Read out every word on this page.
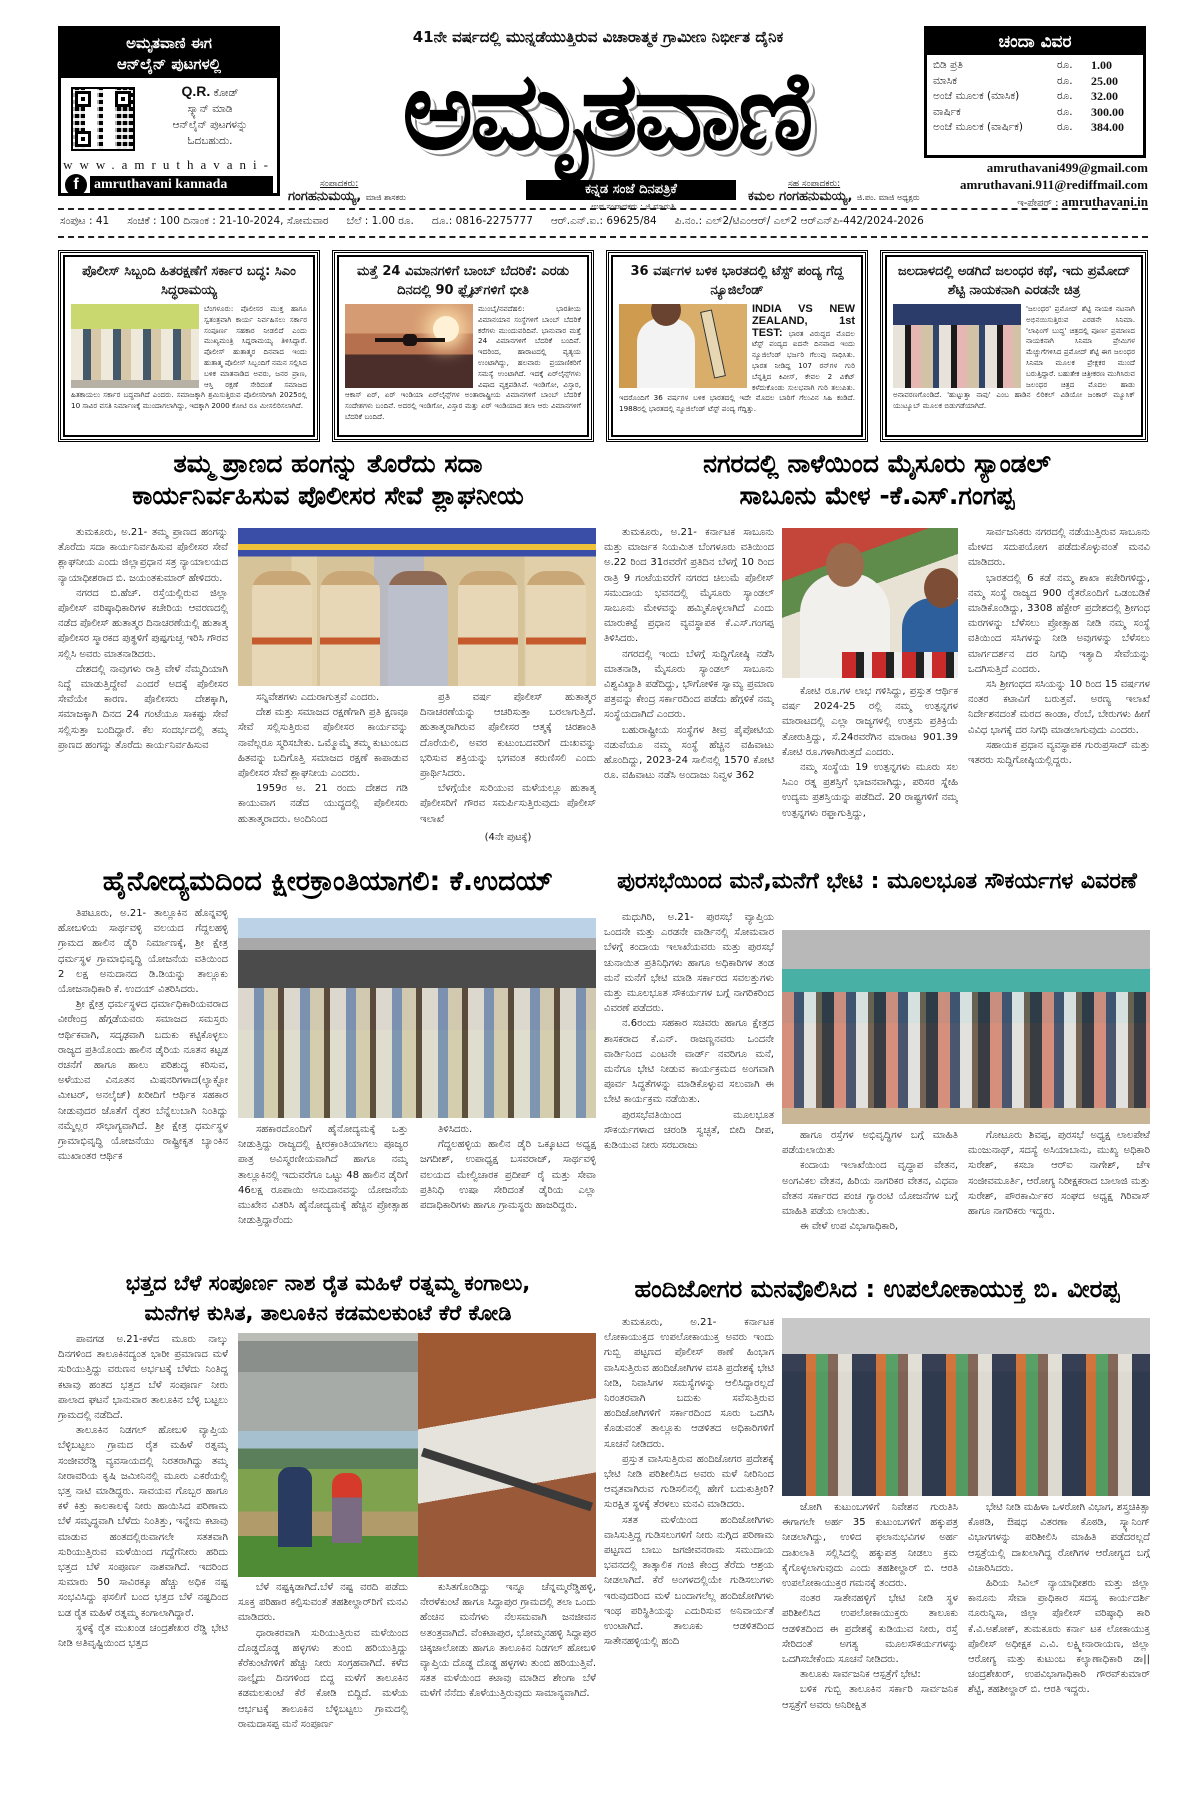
ಅಮೃತವಾಣಿ ಈಗ
ಆನ್‌ಲೈನ್ ಪುಟಗಳಲ್ಲಿ
Q.R. ಕೋಡ್
ಸ್ಕ್ಯಾನ್ ಮಾಡಿ
ಆನ್‌ಲೈನ್ ಪುಟಗಳನ್ನು
ಓದಬಹುದು.
www.amruthavani-
f	amruthavani kannada
41ನೇ ವರ್ಷದಲ್ಲಿ ಮುನ್ನಡೆಯುತ್ತಿರುವ ವಿಚಾರಾತ್ಮಕ ಗ್ರಾಮೀಣ ನಿರ್ಭೀತ ದೈನಿಕ
ಅಮೃತವಾಣಿ
ಸಂಪಾದಕರು:
ಗಂಗಹನುಮಯ್ಯ, ಮಾಜಿ ಶಾಸಕರು
ಕನ್ನಡ ಸಂಜೆ ದಿನಪತ್ರಿಕೆ
ಉಪ ಸಂಪಾದಕರು : ಜಿ.ಮಾರುತಿ
ಸಹ ಸಂಪಾದಕರು:
ಕಮಲ ಗಂಗಹನುಮಯ್ಯ, ಜಿ.ಪಂ. ಮಾಜಿ ಅಧ್ಯಕ್ಷರು
ಚಂದಾ ವಿವರ
ಬಿಡಿ ಪ್ರತಿ	ರೂ.	1.00
ಮಾಸಿಕ	ರೂ.	25.00
ಅಂಚೆ ಮೂಲಕ (ಮಾಸಿಕ)	ರೂ.	32.00
ವಾರ್ಷಿಕ	ರೂ.	300.00
ಅಂಚೆ ಮೂಲಕ (ವಾರ್ಷಿಕ)	ರೂ.	384.00
amruthavani499@gmail.com
amruthavani.911@rediffmail.com
ಇ-ಪೇಪರ್ : amruthavani.in
ಸಂಪುಟ : 41 ಸಂಚಿಕೆ : 100 ದಿನಾಂಕ : 21-10-2024, ಸೋಮವಾರ ಬೆಲೆ : 1.00 ರೂ. ದೂ.: 0816-2275777 ಆರ್.ಎನ್.ಐ.: 69625/84 ಪಿ.ನಂ.: ಎಲ್2/ಟಿಎಂಆರ್/ ಎಲ್2 ಆರ್‌ಎನ್‌ಪಿ-442/2024-2026
ಪೊಲೀಸ್ ಸಿಬ್ಬಂದಿ ಹಿತರಕ್ಷಣೆಗೆ ಸರ್ಕಾರ ಬದ್ಧ: ಸಿಎಂ ಸಿದ್ಧರಾಮಯ್ಯ

ಬೆಂಗಳೂರು: ಪೊಲೀಸರ ಮುಕ್ತ ಹಾಗೂ ಸ್ವತಂತ್ರವಾಗಿ ಕಾರ್ಯ ನಿರ್ವಹಿಸಲು ಸರ್ಕಾರ ಸಂಪೂರ್ಣ ಸಹಕಾರ ನೀಡಲಿದೆ ಎಂದು ಮುಖ್ಯಮಂತ್ರಿ ಸಿದ್ದರಾಮಯ್ಯ ತಿಳಿಸಿದ್ದಾರೆ. ಪೊಲೀಸ್ ಹುತಾತ್ಮರ ದಿನವಾದ ಇಂದು ಹುತಾತ್ಮ ಪೊಲೀಸ್ ಸಿಬ್ಬಂದಿಗೆ ನಮನ ಸಲ್ಲಿಸಿದ ಬಳಿಕ ಮಾತನಾಡಿದ ಅವರು, ಜನರ ಪ್ರಾಣ, ಆಸ್ತಿ ರಕ್ಷಣೆ ಸೇರಿದಂತೆ ಸಮಾಜದ ಹಿತಕಾಯಲು ಸರ್ಕಾರ ಬದ್ಧವಾಗಿದೆ ಎಂದರು. ಸಮಾಜಕ್ಕಾಗಿ ಶ್ರಮಿಸುತ್ತಿರುವ ಪೊಲೀಸರಿಗಾಗಿ 2025ರಲ್ಲಿ 10 ಸಾವಿರ ವಸತಿ ನಿರ್ಮಾಣಕ್ಕೆ ಮುಂದಾಗಲಾಗಿದ್ದು, ಇದಕ್ಕಾಗಿ 2000 ಕೋಟಿ ರೂ ಮೀಸಲಿರಿಸಲಾಗಿದೆ.

ಮತ್ತೆ 24 ವಿಮಾನಗಳಿಗೆ ಬಾಂಬ್ ಬೆದರಿಕೆ: ಎರಡು ದಿನದಲ್ಲಿ 90 ಫ್ಲೈಟ್‌ಗಳಿಗೆ ಭೀತಿ

ಮುಂಬೈ/ನವದೆಹಲಿ: ಭಾರತೀಯ ವಿಮಾನಯಾನ ಸಂಸ್ಥೆಗಳಿಗೆ ಬಾಂಬ್ ಬೆದರಿಕೆ ಕರೆಗಳು ಮುಂದುವರಿದಿವೆ. ಭಾನುವಾರ ಮತ್ತೆ 24 ವಿಮಾನಗಳಿಗೆ ಬೆದರಿಕೆ ಬಂದಿವೆ. ಇದರಿಂದ, ಹಾರಾಟದಲ್ಲಿ ವ್ಯತ್ಯಯ ಉಂಟಾಗಿದ್ದು, ಹಲವಾರು ಪ್ರಯಾಣಿಕರಿಗೆ ಸಮಸ್ಯೆ ಉಂಟಾಗಿದೆ. ಇದಕ್ಕೆ ಏರ್‌ಲೈನ್ಸ್‌ಗಳು ವಿಷಾದ ವ್ಯಕ್ತಪಡಿಸಿವೆ. ಇಂಡಿಗೋ, ವಿಸ್ತಾರ, ಆಕಾಸ್ ಏರ್, ಏರ್ ಇಂಡಿಯಾ ಏರ್‌ಲೈನ್ಸ್‌ಗಳ ಅಂತಾರಾಷ್ಟ್ರೀಯ ವಿಮಾನಗಳಿಗೆ ಬಾಂಬ್ ಬೆದರಿಕೆ ಸಂದೇಶಗಳು ಬಂದಿವೆ. ಅದರಲ್ಲಿ ಇಂಡಿಗೋ, ವಿಸ್ತಾರ ಮತ್ತು ಏರ್ ಇಂಡಿಯಾದ ತಲಾ ಆರು ವಿಮಾನಗಳಿಗೆ ಬೆದರಿಕೆ ಬಂದಿದೆ.

36 ವರ್ಷಗಳ ಬಳಿಕ ಭಾರತದಲ್ಲಿ ಟೆಸ್ಟ್ ಪಂದ್ಯ ಗೆದ್ದ ನ್ಯೂಜಿಲೆಂಡ್

INDIA VS NEW ZEALAND, 1st TEST: ಭಾರತ ವಿರುದ್ಧದ ಮೊದಲ ಟೆಸ್ಟ್ ಪಂದ್ಯದ ಐದನೇ ದಿನವಾದ ಇಂದು ನ್ಯೂಜಿಲೆಂಡ್ ಭರ್ಜರಿ ಗೆಲುವು ಸಾಧಿಸಿತು. ಭಾರತ ನೀಡಿದ್ದ 107 ರನ್‌ಗಳ ಗುರಿ ಬೆನ್ನತ್ತಿದ ಕಿವೀಸ್, ಕೇವಲ 2 ವಿಕೆಟ್ ಕಳೆದುಕೊಂಡು ಸುಲಭವಾಗಿ ಗುರಿ ತಲುಪಿತು. ಇದರೊಂದಿಗೆ 36 ವರ್ಷಗಳ ಬಳಿಕ ಭಾರತದಲ್ಲಿ ಇದೇ ಮೊದಲ ಬಾರಿಗೆ ಗೆಲುವಿನ ಸಿಹಿ ಕಂಡಿದೆ. 1988ರಲ್ಲಿ ಭಾರತದಲ್ಲಿ ನ್ಯೂಜಿಲೆಂಡ್ ಟೆಸ್ಟ್ ಪಂದ್ಯ ಗೆದ್ದಿತ್ತು.

ಜಲದಾಳದಲ್ಲಿ ಅಡಗಿದೆ ಜಲಂಧರ ಕಥೆ, ಇದು ಪ್ರಮೋದ್ ಶೆಟ್ಟಿ ನಾಯಕನಾಗಿ ಎರಡನೇ ಚಿತ್ರ

'ಜಲಂಧರ' ಪ್ರಮೋದ್ ಶೆಟ್ಟಿ ನಾಯಕ ನಟನಾಗಿ ಅಭಿನಯಿಸುತ್ತಿರುವ ಎರಡನೇ ಸಿನಿಮಾ. 'ಲಾಫಿಂಗ್ ಬುದ್ಧ' ಚಿತ್ರದಲ್ಲಿ ಪೂರ್ಣ ಪ್ರಮಾಣದ ನಾಯಕನಾಗಿ ಸಿನಿಮಾ ಪ್ರೇಮಿಗಳ ಮೆಚ್ಚುಗೆಗಳಿಸಿದ ಪ್ರಮೋದ್ ಶೆಟ್ಟಿ ಈಗ ಜಲಂಧರ ಸಿನಿಮಾ ಮೂಲಕ ಪ್ರೇಕ್ಷಕರ ಮುಂದೆ ಬರುತ್ತಿದ್ದಾರೆ. ಬಹುತೇಕ ಚಿತ್ರೀಕರಣ ಮುಗಿಸಿರುವ ಜಲಂಧರ ಚಿತ್ರದ ಮೊದಲ ಹಾಡು ಅನಾವರಣಗೊಂಡಿದೆ. 'ಹುಟ್ಟುತ್ತಾ ನಾವು' ಎಂಬ ಹಾಡಿನ ಲಿರಿಕಲ್ ವಿಡಿಯೋ ಜಂಕಾರ್ ಮ್ಯೂಸಿಕ್ ಯುಟ್ಯೂಬ್ ಮೂಲಕ ಬಿಡುಗಡೆಯಾಗಿದೆ.

ತಮ್ಮ ಪ್ರಾಣದ ಹಂಗನ್ನು ತೊರೆದು ಸದಾ
ಕಾರ್ಯನಿರ್ವಹಿಸುವ ಪೊಲೀಸರ ಸೇವೆ ಶ್ಲಾಘನೀಯ

ತುಮಕೂರು, ಅ.21- ತಮ್ಮ ಪ್ರಾಣದ ಹಂಗನ್ನು ತೊರೆದು ಸದಾ ಕಾರ್ಯನಿರ್ವಹಿಸುವ ಪೊಲೀಸರ ಸೇವೆ ಶ್ಲಾಘನೀಯ ಎಂದು ಜಿಲ್ಲಾಪ್ರಧಾನ ಸತ್ರ ನ್ಯಾಯಾಲಯದ ನ್ಯಾಯಾಧೀಶರಾದ ಬಿ. ಜಯಂತಕುಮಾರ್ ಹೇಳಿದರು.

ನಗರದ ಬಿ.ಹೆಚ್. ರಸ್ತೆಯಲ್ಲಿರುವ ಜಿಲ್ಲಾ ಪೊಲೀಸ್ ವರಿಷ್ಠಾಧಿಕಾರಿಗಳ ಕಚೇರಿಯ ಆವರಣದಲ್ಲಿ ನಡೆದ ಪೊಲೀಸ್ ಹುತಾತ್ಮರ ದಿನಾಚರಣೆಯಲ್ಲಿ ಹುತಾತ್ಮ ಪೊಲೀಸರ ಸ್ಮಾರಕದ ಪುತ್ಥಳಿಗೆ ಪುಷ್ಪಗುಚ್ಛ ಇರಿಸಿ ಗೌರವ ಸಲ್ಲಿಸಿ ಅವರು ಮಾತನಾಡಿದರು.

ದೇಶದಲ್ಲಿ ನಾವುಗಳು ರಾತ್ರಿ ವೇಳೆ ನೆಮ್ಮದಿಯಾಗಿ ನಿದ್ದೆ ಮಾಡುತ್ತಿದ್ದೇವೆ ಎಂದರೆ ಅದಕ್ಕೆ ಪೊಲೀಸರ ಸೇವೆಯೇ ಕಾರಣ. ಪೊಲೀಸರು ದೇಶಕ್ಕಾಗಿ, ಸಮಾಜಕ್ಕಾಗಿ ದಿನದ 24 ಗಂಟೆಯೂ ಸಾಕಷ್ಟು ಸೇವೆ ಸಲ್ಲಿಸುತ್ತಾ ಬಂದಿದ್ದಾರೆ. ಕೆಲ ಸಂದರ್ಭದಲ್ಲಿ ತಮ್ಮ ಪ್ರಾಣದ ಹಂಗನ್ನು ತೊರೆದು ಕಾರ್ಯನಿರ್ವಹಿಸುವ

ಸನ್ನಿವೇಶಗಳು ಎದುರಾಗುತ್ತವೆ ಎಂದರು.

ದೇಶ ಮತ್ತು ಸಮಾಜದ ರಕ್ಷಣೆಗಾಗಿ ಪ್ರತಿ ಕ್ಷಣವೂ ಸೇವೆ ಸಲ್ಲಿಸುತ್ತಿರುವ ಪೊಲೀಸರ ಕಾರ್ಯವನ್ನು ನಾವೆಲ್ಲರೂ ಸ್ಮರಿಸಬೇಕು. ಒಮ್ಮೊಮ್ಮೆ ತಮ್ಮ ಕುಟುಂಬದ ಹಿತವನ್ನು ಬದಿಗೊತ್ತಿ ಸಮಾಜದ ರಕ್ಷಣೆ ಕಾಪಾಡುವ ಪೊಲೀಸರ ಸೇವೆ ಶ್ಲಾಘನೀಯ ಎಂದರು.

1959ರ ಅ. 21 ರಂದು ದೇಶದ ಗಡಿ ಕಾಯುವಾಗ ನಡೆದ ಯುದ್ಧದಲ್ಲಿ ಪೊಲೀಸರು ಹುತಾತ್ಮರಾದರು. ಅಂದಿನಿಂದ

ಪ್ರತಿ ವರ್ಷ ಪೊಲೀಸ್ ಹುತಾತ್ಮರ ದಿನಾಚರಣೆಯನ್ನು ಆಚರಿಸುತ್ತಾ ಬರಲಾಗುತ್ತಿದೆ. ಹುತಾತ್ಮರಾಗಿರುವ ಪೊಲೀಸರ ಆತ್ಮಕ್ಕೆ ಚಿರಶಾಂತಿ ದೊರೆಯಲಿ, ಅವರ ಕುಟುಂಬದವರಿಗೆ ದುಃಖವನ್ನು ಭರಿಸುವ ಶಕ್ತಿಯನ್ನು ಭಗವಂತ ಕರುಣಿಸಲಿ ಎಂದು ಪ್ರಾರ್ಥಿಸಿದರು.

ಬೆಳಗ್ಗೆಯೇ ಸುರಿಯುವ ಮಳೆಯಲ್ಲೂ ಹುತಾತ್ಮ ಪೊಲೀಸರಿಗೆ ಗೌರವ ಸಮರ್ಪಿಸುತ್ತಿರುವುದು ಪೊಲೀಸ್ ಇಲಾಖೆ

(4ನೇ ಪುಟಕ್ಕೆ)
ನಗರದಲ್ಲಿ ನಾಳೆಯಿಂದ ಮೈಸೂರು ಸ್ಯಾಂಡಲ್
ಸಾಬೂನು ಮೇಳ -ಕೆ.ಎಸ್.ಗಂಗಪ್ಪ

ತುಮಕೂರು, ಅ.21- ಕರ್ನಾಟಕ ಸಾಬೂನು ಮತ್ತು ಮಾರ್ಜಕ ನಿಯಮಿತ ಬೆಂಗಳೂರು ವತಿಯಿಂದ ಅ.22 ರಿಂದ 31ರವರೆಗೆ ಪ್ರತಿದಿನ ಬೆಳಗ್ಗೆ 10 ರಿಂದ ರಾತ್ರಿ 9 ಗಂಟೆಯವರೆಗೆ ನಗರದ ಚಿಲುಮೆ ಪೊಲೀಸ್ ಸಮುದಾಯ ಭವನದಲ್ಲಿ ಮೈಸೂರು ಸ್ಯಾಂಡಲ್ ಸಾಬೂನು ಮೇಳವನ್ನು ಹಮ್ಮಿಕೊಳ್ಳಲಾಗಿದೆ ಎಂದು ಮಾರುಕಟ್ಟೆ ಪ್ರಧಾನ ವ್ಯವಸ್ಥಾಪಕ ಕೆ.ಎಸ್.ಗಂಗಪ್ಪ ತಿಳಿಸಿದರು.

ನಗರದಲ್ಲಿ ಇಂದು ಬೆಳಗ್ಗೆ ಸುದ್ದಿಗೋಷ್ಠಿ ನಡೆಸಿ ಮಾತನಾಡಿ, ಮೈಸೂರು ಸ್ಯಾಂಡಲ್ ಸಾಬೂನು ವಿಶ್ವವಿಖ್ಯಾತಿ ಪಡೆದಿದ್ದು, ಭೌಗೋಳಿಕ ಸ್ವಾಮ್ಯ ಪ್ರಮಾಣ ಪತ್ರವನ್ನು ಕೇಂದ್ರ ಸರ್ಕಾರದಿಂದ ಪಡೆದು ಹೆಗ್ಗಳಿಕೆ ನಮ್ಮ ಸಂಸ್ಥೆಯದಾಗಿದೆ ಎಂದರು.

ಬಹುರಾಷ್ಟ್ರೀಯ ಸಂಸ್ಥೆಗಳ ತೀವ್ರ ಪೈಪೋಟಿಯ ನಡುವೆಯೂ ನಮ್ಮ ಸಂಸ್ಥೆ ಹೆಚ್ಚಿನ ವಹಿವಾಟು ಹೊಂದಿದ್ದು, 2023-24 ಸಾಲಿನಲ್ಲಿ 1570 ಕೋಟಿ ರೂ. ವಹಿವಾಟು ನಡೆಸಿ ಅಂದಾಜು ನಿವ್ವಳ 362

ಕೋಟಿ ರೂ.ಗಳ ಲಾಭ ಗಳಿಸಿದ್ದು, ಪ್ರಸ್ತುತ ಆರ್ಥಿಕ ವರ್ಷ 2024-25 ರಲ್ಲಿ ನಮ್ಮ ಉತ್ಪನ್ನಗಳ ಮಾರಾಟದಲ್ಲಿ ಎಲ್ಲಾ ರಾಜ್ಯಗಳಲ್ಲಿ ಉತ್ತಮ ಪ್ರತಿಕ್ರಿಯೆ ತೋರುತ್ತಿದ್ದು, ಸೆ.24ರವರೆಗಿನ ಮಾರಾಟ 901.39 ಕೋಟಿ ರೂ.ಗಳಾಗಿರುತ್ತದೆ ಎಂದರು.

ನಮ್ಮ ಸಂಸ್ಥೆಯ 19 ಉತ್ಪನ್ನಗಳು ಮೂರು ಸಲ ಸಿಎಂ ರತ್ನ ಪ್ರಶಸ್ತಿಗೆ ಭಾಜನವಾಗಿದ್ದು, ಪರಿಸರ ಸ್ನೇಹಿ ಉದ್ಯಮ ಪ್ರಶಸ್ತಿಯನ್ನು ಪಡೆದಿದೆ. 20 ರಾಷ್ಟ್ರಗಳಿಗೆ ನಮ್ಮ ಉತ್ಪನ್ನಗಳು ರಫ್ತಾಗುತ್ತಿದ್ದು,

ಸಾರ್ವಜನಿಕರು ನಗರದಲ್ಲಿ ನಡೆಯುತ್ತಿರುವ ಸಾಬೂನು ಮೇಳದ ಸದುಪಯೋಗ ಪಡೆದುಕೊಳ್ಳುವಂತೆ ಮನವಿ ಮಾಡಿದರು.

ಭಾರತದಲ್ಲಿ 6 ಕಡೆ ನಮ್ಮ ಶಾಖಾ ಕಚೇರಿಗಳಿದ್ದು, ನಮ್ಮ ಸಂಸ್ಥೆ ರಾಜ್ಯದ 900 ರೈತರೊಂದಿಗೆ ಒಡಂಬಡಿಕೆ ಮಾಡಿಕೊಂಡಿದ್ದು, 3308 ಹೆಕ್ಟೇರ್ ಪ್ರದೇಶದಲ್ಲಿ ಶ್ರೀಗಂಧ ಮರಗಳನ್ನು ಬೆಳೆಸಲು ಪ್ರೋತ್ಸಾಹ ನೀಡಿ ನಮ್ಮ ಸಂಸ್ಥೆ ವತಿಯಿಂದ ಸಸಿಗಳನ್ನು ನೀಡಿ ಅವುಗಳನ್ನು ಬೆಳೆಸಲು ಮಾರ್ಗದರ್ಶನ ದರ ನಿಗಧಿ ಇತ್ಯಾದಿ ಸೇವೆಯನ್ನು ಒದಗಿಸುತ್ತಿದೆ ಎಂದರು.

ಸಸಿ ಶ್ರೀಗಂಧದ ಸಸಿಯನ್ನು 10 ರಿಂದ 15 ವರ್ಷಗಳ ನಂತರ ಕಟಾವಿಗೆ ಬರುತ್ತವೆ. ಅರಣ್ಯ ಇಲಾಖೆ ನಿರ್ದೇಶನದಂತೆ ಮರದ ಕಾಂಡಾ, ರೆಂಬೆ, ಬೇರುಗಳು ಹೀಗೆ ವಿವಿಧ ಭಾಗಕ್ಕೆ ದರ ನಿಗಧಿ ಮಾಡಲಾಗುವುದು ಎಂದರು.

ಸಹಾಯಕ ಪ್ರಧಾನ ವ್ಯವಸ್ಥಾಪಕ ಗುರುಪ್ರಸಾದ್ ಮತ್ತು ಇತರರು ಸುದ್ದಿಗೋಷ್ಠಿಯಲ್ಲಿದ್ದರು.

ಹೈನೋದ್ಯಮದಿಂದ ಕ್ಷೀರಕ್ರಾಂತಿಯಾಗಲಿ: ಕೆ.ಉದಯ್

ತಿಪಟೂರು, ಅ.21- ತಾಲ್ಲೂಕಿನ ಹೊನ್ನವಳ್ಳಿ ಹೋಬಳಿಯ ಸಾರ್ಥವಳ್ಳಿ ವಲಯದ ಗೆದ್ದಲಹಳ್ಳಿ ಗ್ರಾಮದ ಹಾಲಿನ ಡೈರಿ ನಿರ್ಮಾಣಕ್ಕೆ, ಶ್ರೀ ಕ್ಷೇತ್ರ ಧರ್ಮಸ್ಥಳ ಗ್ರಾಮಾಭಿವೃದ್ಧಿ ಯೋಜನೆಯ ವತಿಯಿಂದ 2 ಲಕ್ಷ ಅನುದಾನದ ಡಿ.ಡಿಯನ್ನು ತಾಲ್ಲೂಕು ಯೋಜನಾಧಿಕಾರಿ ಕೆ. ಉದಯ್ ವಿತರಿಸಿದರು.

ಶ್ರೀ ಕ್ಷೇತ್ರ ಧರ್ಮಸ್ಥಳದ ಧರ್ಮಾಧಿಕಾರಿಯವರಾದ ವೀರೇಂದ್ರ ಹೆಗ್ಗಡೆಯವರು ಸಮಾಜದ ಸಮಸ್ತರು ಆರ್ಥಿಕವಾಗಿ, ಸದೃಢವಾಗಿ ಬದುಕು ಕಟ್ಟಿಕೊಳ್ಳಲು ರಾಜ್ಯದ ಪ್ರತಿಯೊಂದು ಹಾಲಿನ ಡೈರಿಯ ನೂತನ ಕಟ್ಟಡ ರಚನೆಗೆ ಹಾಗೂ ಹಾಲು ಪರಿಶುದ್ಧ ಕರಿಸುವ, ಅಳೆಯುವ ವಿನೂತನ ಮಿಷನರಿಗಳಾದ(ಲ್ಯಾಕ್ಟೋ ಮೀಟರ್, ಅನಲೈಜ್) ಖರೀದಿಗೆ ಆರ್ಥಿಕ ಸಹಕಾರ ನೀಡುವುದರ ಜೊತೆಗೆ ರೈತರ ಬೆನ್ನೆಲುಬಾಗಿ ನಿಂತಿದ್ದು ನಮ್ಮೆಲ್ಲರ ಸೌಭಾಗ್ಯವಾಗಿದೆ. ಶ್ರೀ ಕ್ಷೇತ್ರ ಧರ್ಮಸ್ಥಳ ಗ್ರಾಮಾಭಿವೃದ್ಧಿ ಯೋಜನೆಯು ರಾಷ್ಟ್ರೀಕೃತ ಬ್ಯಾಂಕಿನ ಮುಖಾಂತರ ಆರ್ಥಿಕ

ಸಹಕಾರದೊಂದಿಗೆ ಹೈನೋದ್ಯಮಕ್ಕೆ ಒತ್ತು ನೀಡುತ್ತಿದ್ದು ರಾಜ್ಯದಲ್ಲಿ ಕ್ಷೀರಕ್ರಾಂತಿಯಾಗಲು ಪೂಜ್ಯರ ಪಾತ್ರ ಅವಿಸ್ಮರಣೀಯವಾಗಿದೆ ಹಾಗೂ ನಮ್ಮ ತಾಲ್ಲೂಕಿನಲ್ಲಿ ಇದುವರೆಗೂ ಒಟ್ಟು 48 ಹಾಲಿನ ಡೈರಿಗೆ 46ಲಕ್ಷ ರೂಪಾಯಿ ಅನುದಾನವನ್ನು ಯೋಜನೆಯ ಮುಖೇನ ವಿತರಿಸಿ ಹೈನೋದ್ಯಮಕ್ಕೆ ಹೆಚ್ಚಿನ ಪ್ರೋತ್ಸಾಹ ನೀಡುತ್ತಿದ್ದಾರೆಂದು

ತಿಳಿಸಿದರು.

ಗೆದ್ದಲಹಳ್ಳಿಯ ಹಾಲಿನ ಡೈರಿ ಒಕ್ಕೂಟದ ಅಧ್ಯಕ್ಷ ಜಗದೀಶ್, ಉಪಾಧ್ಯಕ್ಷ ಬಸವರಾಜ್, ಸಾರ್ಥವಳ್ಳಿ ವಲಯದ ಮೇಲ್ವಿಚಾರಕ ಪ್ರದೀಪ್ ರೈ ಮತ್ತು ಸೇವಾ ಪ್ರತಿನಿಧಿ ಉಷಾ ಸೇರಿದಂತೆ ಡೈರಿಯ ಎಲ್ಲಾ ಪದಾಧಿಕಾರಿಗಳು ಹಾಗೂ ಗ್ರಾಮಸ್ಥರು ಹಾಜರಿದ್ದರು.

ಪುರಸಭೆಯಿಂದ ಮನೆ,ಮನೆಗೆ ಭೇಟಿ : ಮೂಲಭೂತ ಸೌಕರ್ಯಗಳ ವಿವರಣೆ

ಮಧುಗಿರಿ, ಅ.21- ಪುರಸಭೆ ವ್ಯಾಪ್ತಿಯ ಒಂದನೇ ಮತ್ತು ಎರಡನೇ ವಾರ್ಡಿನಲ್ಲಿ ಸೋಮವಾರ ಬೆಳಗ್ಗೆ ಕಂದಾಯ ಇಲಾಖೆಯವರು ಮತ್ತು ಪುರಸಭೆ ಚುನಾಯಿತ ಪ್ರತಿನಿಧಿಗಳು ಹಾಗೂ ಅಧಿಕಾರಿಗಳ ತಂಡ ಮನೆ ಮನೆಗೆ ಭೇಟಿ ಮಾಡಿ ಸರ್ಕಾರದ ಸವಲತ್ತುಗಳು ಮತ್ತು ಮೂಲಭೂತ ಸೌಕರ್ಯಗಳ ಬಗ್ಗೆ ನಾಗರಿಕರಿಂದ ವಿವರಣೆ ಪಡೆದರು.

ನ.6ರಂದು ಸಹಕಾರ ಸಚಿವರು ಹಾಗೂ ಕ್ಷೇತ್ರದ ಶಾಸಕರಾದ ಕೆ.ಎನ್. ರಾಜಣ್ಣನವರು ಒಂದನೇ ವಾರ್ಡಿನಿಂದ ಎಂಟನೇ ವಾರ್ಡ್ ನವರಿಗೂ ಮನೆ, ಮನೆಗೂ ಭೇಟಿ ನೀಡುವ ಕಾರ್ಯಕ್ರಮದ ಅಂಗವಾಗಿ ಪೂರ್ವ ಸಿದ್ಧತೆಗಳನ್ನು ಮಾಡಿಕೊಳ್ಳುವ ಸಲುವಾಗಿ ಈ ಬೇಟಿ ಕಾರ್ಯಕ್ರಮ ನಡೆಯಿತು.

ಪುರಸಭೆವತಿಯಿಂದ ಮೂಲಭೂತ ಸೌಕರ್ಯಗಳಾದ ಚರಂಡಿ ಸ್ವಚ್ಛತೆ, ಬೀದಿ ದೀಪ, ಕುಡಿಯುವ ನೀರು ಸರಬರಾಜು

ಹಾಗೂ ರಸ್ತೆಗಳ ಅಭಿವೃದ್ಧಿಗಳ ಬಗ್ಗೆ ಮಾಹಿತಿ ಪಡೆಯಲಾಯಿತು

ಕಂದಾಯ ಇಲಾಖೆಯಿಂದ ವೃದ್ಧಾಪ ವೇತನ, ಅಂಗವಿಕಲ ವೇತನ, ಹಿರಿಯ ನಾಗರಿಕರ ವೇತನ, ವಿಧವಾ ವೇತನ ಸರ್ಕಾರದ ಪಂಚ ಗ್ಯಾರಂಟಿ ಯೋಜನೆಗಳ ಬಗ್ಗೆ ಮಾಹಿತಿ ಪಡೆಯ ಲಾಯಿತು.

ಈ ವೇಳೆ ಉಪ ವಿಭಾಗಾಧಿಕಾರಿ,

ಗೋಟೂರು ಶಿವಪ್ಪ, ಪುರಸಭೆ ಅಧ್ಯಕ್ಷ ಲಾಲಪೇಟೆ ಮಂಜುನಾಥ್, ಸದಸ್ಯೆ ಅಸಿಯಾಬಾನು, ಮುಖ್ಯ ಅಧಿಕಾರಿ ಸುರೇಶ್, ಕಸಬಾ ಆರ್‌ಐ ನಾಗೇಶ್, ಜೆಇ ಸಂಜೀವಮೂರ್ತಿ, ಆರೋಗ್ಯ ನಿರೀಕ್ಷಕರಾದ ಬಾಲಾಜಿ ಮತ್ತು ಸುರೇಶ್, ಪೌರಕಾರ್ಮಿಕರ ಸಂಘದ ಅಧ್ಯಕ್ಷ ಗಿರಿವಾಸ್ ಹಾಗೂ ನಾಗರಿಕರು ಇದ್ದರು.

ಭತ್ತದ ಬೆಳೆ ಸಂಪೂರ್ಣ ನಾಶ ರೈತ ಮಹಿಳೆ ರತ್ನಮ್ಮ ಕಂಗಾಲು,
ಮನೆಗಳ ಕುಸಿತ, ತಾಲೂಕಿನ ಕಡಮಲಕುಂಟೆ ಕೆರೆ ಕೋಡಿ

ಪಾವಗಡ ಅ.21-ಕಳೆದ ಮೂರು ನಾಲ್ಕು ದಿನಗಳಿಂದ ತಾಲೂಕಿನದ್ಯಂತ ಭಾರೀ ಪ್ರಮಾಣದ ಮಳೆ ಸುರಿಯುತ್ತಿದ್ದು ವರುಣನ ಅರ್ಭಟಕ್ಕೆ ಬೆಳೆದು ನಿಂತಿದ್ದ ಕಟಾವು ಹಂತದ ಭತ್ತದ ಬೆಳೆ ಸಂಪೂರ್ಣ ನೀರು ಪಾಲಾದ ಘಟನೆ ಭಾನುವಾರ ತಾಲೂಕಿನ ಬೆಳ್ಳಿ ಬಟ್ಟಲು ಗ್ರಾಮದಲ್ಲಿ ನಡೆದಿದೆ.

ತಾಲೂಕಿನ ನಿಡಗಲ್ ಹೋಬಳಿ ವ್ಯಾಪ್ತಿಯ ಬೆಳ್ಳಿಬಟ್ಟಲು ಗ್ರಾಮದ ರೈತ ಮಹಿಳೆ ರತ್ನಮ್ಮ ಸಂಜೀವರೆಡ್ಡಿ ವ್ಯವಸಾಯದಲ್ಲಿ ನಿರತರಾಗಿದ್ದು ತಮ್ಮ ನೀರಾವರಿಯ ಕೃಷಿ ಜಮೀನಿನಲ್ಲಿ ಮೂರು ಎಕರೆಯಲ್ಲಿ ಭತ್ತ ನಾಟಿ ಮಾಡಿದ್ದರು. ಸಾವಯವ ಗೊಬ್ಬರ ಹಾಗೂ ಕಳೆ ಕಿತ್ತು ಕಾಲಕಾಲಕ್ಕೆ ನೀರು ಹಾಯಿಸಿದ ಪರಿಣಾಮ ಬೆಳೆ ಸಮೃದ್ಧವಾಗಿ ಬೆಳೆದು ನಿಂತಿತ್ತು, ಇನ್ನೇನು ಕಟಾವು ಮಾಡುವ ಹಂತದಲ್ಲಿರುವಾಗಲೇ ಸತತವಾಗಿ ಸುರಿಯುತ್ತಿರುವ ಮಳೆಯಿಂದ ಗದ್ದೆಗೆನೀರು ಹರಿದು ಭತ್ತದ ಬೆಳೆ ಸಂಪೂರ್ಣ ನಾಶವಾಗಿದೆ. ಇದರಿಂದ ಸುಮಾರು 50 ಸಾವಿರಕ್ಕೂ ಹೆಚ್ಚು ಅಧಿಕ ನಷ್ಟ ಸಂಭವಿಸಿದ್ದು ಫಸಲಿಗೆ ಬಂದ ಭತ್ತದ ಬೆಳೆ ನಷ್ಟದಿಂದ ಬಡ ರೈತ ಮಹಿಳೆ ರತ್ನಮ್ಮ ಕಂಗಾಲಾಗಿದ್ದಾರೆ.

ಸ್ಥಳಕ್ಕೆ ರೈತ ಮುಖಂಡ ಚಂದ್ರಶೇಖರ ರೆಡ್ಡಿ ಭೇಟಿ ನೀಡಿ ಅತಿವೃಷ್ಟಿಯಿಂದ ಭತ್ತದ

ಬೆಳೆ ನಷ್ಟಕ್ಕಿಡಾಗಿದೆ.ಬೆಳೆ ನಷ್ಟ ವರದಿ ಪಡೆದು ಸೂಕ್ತ ಪರಿಹಾರ ಕಲ್ಪಿಸುವಂತೆ ತಹಶೀಲ್ದಾರ್‌ರಿಗೆ ಮನವಿ ಮಾಡಿದರು.

ಧಾರಾಕರವಾಗಿ ಸುರಿಯುತ್ತಿರುವ ಮಳೆಯಿಂದ ದೊಡ್ಡದೊಡ್ಡ ಹಳ್ಳಗಳು ತುಂಬಿ ಹರಿಯುತ್ತಿದ್ದು ಕೆರೆಕುಂಟೆಗಳಿಗೆ ಹೆಚ್ಚು ನೀರು ಸಂಗ್ರಹವಾಗಿದೆ. ಕಳೆದ ನಾಲ್ಕೈದು ದಿನಗಳಿಂದ ಬಿದ್ದ ಮಳೆಗೆ ತಾಲೂಕಿನ ಕಡಮಲಕುಂಟೆ ಕೆರೆ ಕೋಡಿ ಬಿದ್ದಿದೆ. ಮಳೆಯ ಆರ್ಭಟಕ್ಕೆ ತಾಲೂಕಿನ ಬೆಳ್ಳಿಬಟ್ಟಲು ಗ್ರಾಮದಲ್ಲಿ ರಾಮದಾಸಪ್ಪ ಮನೆ ಸಂಪೂರ್ಣ

ಕುಸಿತಗೊಂಡಿದ್ದು ಇನ್ನೂ ಚೆನ್ನಮ್ಮರೆಡ್ಡಿಹಳ್ಳಿ, ನೇರಳೆಕುಂಟೆ ಹಾಗೂ ಸಿದ್ದಾಪುರ ಗ್ರಾಮದಲ್ಲಿ ತಲಾ ಒಂದು ಹೆಂಚಿನ ಮನೆಗಳು ನೆಲಸಮವಾಗಿ ಜನಜೀವನ ಅತಂತ್ರವಾಗಿದೆ. ವೆಂಕಟಾಪುರ, ಭೋಮ್ಮನಹಳ್ಳಿ ಸಿದ್ದಾಪುರ ಚಿಕ್ಕಜಾಲೋಡು ಹಾಗೂ ತಾಲೂಕಿನ ನಿಡಗಲ್ ಹೋಬಳಿ ವ್ಯಾಪ್ತಿಯ ದೊಡ್ಡ ದೊಡ್ಡ ಹಳ್ಳಗಳು ತುಂಬಿ ಹರಿಯುತ್ತಿವೆ. ಸತತ ಮಳೆಯಿಂದ ಕಟಾವು ಮಾಡಿದ ಶೇಂಗಾ ಬೆಳೆ ಮಳೆಗೆ ನೆನೆದು ಕೊಳೆಯುತ್ತಿರುವುದು ಸಾಮಾನ್ಯವಾಗಿದೆ.

ಹಂದಿಜೋಗರ ಮನವೊಲಿಸಿದ : ಉಪಲೋಕಾಯುಕ್ತ ಬಿ. ವೀರಪ್ಪ

ತುಮಕೂರು, ಅ.21- ಕರ್ನಾಟಕ ಲೋಕಾಯುಕ್ತದ ಉಪಲೋಕಾಯುಕ್ತ ಅವರು ಇಂದು ಗುಬ್ಬಿ ಪಟ್ಟಣದ ಪೊಲೀಸ್ ಠಾಣೆ ಹಿಂಭಾಗ ವಾಸಿಸುತ್ತಿರುವ ಹಂದಿಜೋಗಿಗಳ ವಸತಿ ಪ್ರದೇಶಕ್ಕೆ ಭೇಟಿ ನೀಡಿ, ನಿವಾಸಿಗಳ ಸಮಸ್ಯೆಗಳನ್ನು ಆಲಿಸಿದ್ದಾರಲ್ಲದೆ ನಿರಂತರವಾಗಿ ಬದುಕು ಸವೆಸುತ್ತಿರುವ ಹಂದಿಜೋಗಿಗಳಿಗೆ ಸರ್ಕಾರದಿಂದ ಸೂರು ಒದಗಿಸಿ ಕೊಡುವಂತೆ ತಾಲ್ಲೂಕು ಆಡಳಿತದ ಅಧಿಕಾರಿಗಳಿಗೆ ಸೂಚನೆ ನೀಡಿದರು.

ಪ್ರಸ್ತುತ ವಾಸಿಸುತ್ತಿರುವ ಹಂದಿಜೋಗರ ಪ್ರದೇಶಕ್ಕೆ ಭೇಟಿ ನೀಡಿ ಪರಿಶೀಲಿಸಿದ ಅವರು ಮಳೆ ನೀರಿನಿಂದ ಆವೃತವಾಗಿರುವ ಗುಡಿಸಲಿನಲ್ಲಿ ಹೇಗೆ ಬದುಕುತ್ತೀರಿ? ಸುರಕ್ಷಿತ ಸ್ಥಳಕ್ಕೆ ತೆರಳಲು ಮನವಿ ಮಾಡಿದರು.

ಸತತ ಮಳೆಯಿಂದ ಹಂದಿಜೋಗಿಗಳು ವಾಸಿಸುತ್ತಿದ್ದ ಗುಡಿಸಲುಗಳಿಗೆ ನೀರು ನುಗ್ಗಿದ ಪರಿಣಾಮ ಪಟ್ಟಣದ ಬಾಬು ಜಗಜೀವನರಾಮ ಸಮುದಾಯ ಭವನದಲ್ಲಿ ತಾತ್ಕಾಲಿಕ ಗಂಜಿ ಕೇಂದ್ರ ತೆರೆದು ಆಶ್ರಯ ನೀಡಲಾಗಿದೆ. ಕೆರೆ ಅಂಗಳದಲ್ಲಿಯೇ ಗುಡಿಸಲುಗಳು ಇರುವುದರಿಂದ ಮಳೆ ಬಂದಾಗಲೆಲ್ಲ ಹಂದಿಜೋಗಿಗಳು ಇಂಥ ಪರಿಸ್ಥಿತಿಯನ್ನು ಎದುರಿಸುವ ಅನಿವಾರ್ಯತೆ ಉಂಟಾಗಿದೆ. ತಾಲೂಕು ಆಡಳಿತದಿಂದ ಸಾತೇನಹಳ್ಳಿಯಲ್ಲಿ ಹಂದಿ

ಜೋಗಿ ಕುಟುಂಬಗಳಿಗೆ ನಿವೇಶನ ಗುರುತಿಸಿ ಈಗಾಗಲೇ ಅರ್ಹ 35 ಕುಟುಂಬಗಳಿಗೆ ಹಕ್ಕುಪತ್ರ ನೀಡಲಾಗಿದ್ದು, ಉಳಿದ ಫಲಾನುಭವಿಗಳ ಅರ್ಹ ದಾಖಲಾತಿ ಸಲ್ಲಿಸಿದಲ್ಲಿ ಹಕ್ಕುಪತ್ರ ನೀಡಲು ಕ್ರಮ ಕೈಗೊಳ್ಳಲಾಗುವುದು ಎಂದು ತಹಶೀಲ್ದಾರ್ ಬಿ. ಆರತಿ ಉಪಲೋಕಾಯುಕ್ತರ ಗಮನಕ್ಕೆ ತಂದರು.

ನಂತರ ಸಾತೇನಹಳ್ಳಿಗೆ ಭೇಟಿ ನೀಡಿ ಸ್ಥಳ ಪರಿಶೀಲಿಸಿದ ಉಪಲೋಕಾಯುಕ್ತರು ತಾಲೂಕು ಆಡಳಿತದಿಂದ ಈ ಪ್ರದೇಶಕ್ಕೆ ಕುಡಿಯುವ ನೀರು, ರಸ್ತೆ ಸೇರಿದಂತೆ ಅಗತ್ಯ ಮೂಲಸೌಕರ್ಯಗಳನ್ನು ಒದಗಿಸಬೇಕೆಂದು ಸೂಚನೆ ನೀಡಿದರು.

ತಾಲೂಕು ಸಾರ್ವಜನಿಕ ಆಸ್ಪತ್ರೆಗೆ ಭೇಟಿ:

ಬಳಿಕ ಗುಬ್ಬಿ ತಾಲೂಕಿನ ಸರ್ಕಾರಿ ಸಾರ್ವಜನಿಕ ಆಸ್ಪತ್ರೆಗೆ ಅವರು ಅನಿರೀಕ್ಷಿತ

ಭೇಟಿ ನೀಡಿ ಮಹಿಳಾ ಒಳರೋಗಿ ವಿಭಾಗ, ಶಸ್ತ್ರಚಿಕಿತ್ಸಾ ಕೊಠಡಿ, ಔಷಧ ವಿತರಣಾ ಕೊಠಡಿ, ಸ್ಕ್ಯಾನಿಂಗ್ ವಿಭಾಗಗಳನ್ನು ಪರಿಶೀಲಿಸಿ ಮಾಹಿತಿ ಪಡೆದರಲ್ಲದೆ ಆಸ್ಪತ್ರೆಯಲ್ಲಿ ದಾಖಲಾಗಿದ್ದ ರೋಗಿಗಳ ಆರೋಗ್ಯದ ಬಗ್ಗೆ ವಿಚಾರಿಸಿದರು.

ಹಿರಿಯ ಸಿವಿಲ್ ನ್ಯಾಯಾಧೀಶರು ಮತ್ತು ಜಿಲ್ಲಾ ಕಾನೂನು ಸೇವಾ ಪ್ರಾಧಿಕಾರ ಸದಸ್ಯ ಕಾರ್ಯದರ್ಶಿ ನೂರುನ್ನಿಸಾ, ಜಿಲ್ಲಾ ಪೊಲೀಸ್ ವರಿಷ್ಠಾಧಿ ಕಾರಿ ಕೆ.ವಿ.ಅಶೋಕ್, ತುಮಕೂರು ಕರ್ನಾ ಟಕ ಲೋಕಾಯುಕ್ತ ಪೊಲೀಸ್ ಅಧೀಕ್ಷಕ ಎ.ವಿ. ಲಕ್ಷ್ಮೀನಾರಾಯಣ, ಜಿಲ್ಲಾ ಆರೋಗ್ಯ ಮತ್ತು ಕುಟುಂಬ ಕಲ್ಯಾಣಾಧಿಕಾರಿ ಡಾ|| ಚಂದ್ರಶೇಖರ್, ಉಪವಿಭಾಗಾಧಿಕಾರಿ ಗೌರವ್‌ಕುಮಾರ್ ಶೆಟ್ಟಿ, ತಹಶೀಲ್ದಾರ್ ಬಿ. ಆರತಿ ಇದ್ದರು.
